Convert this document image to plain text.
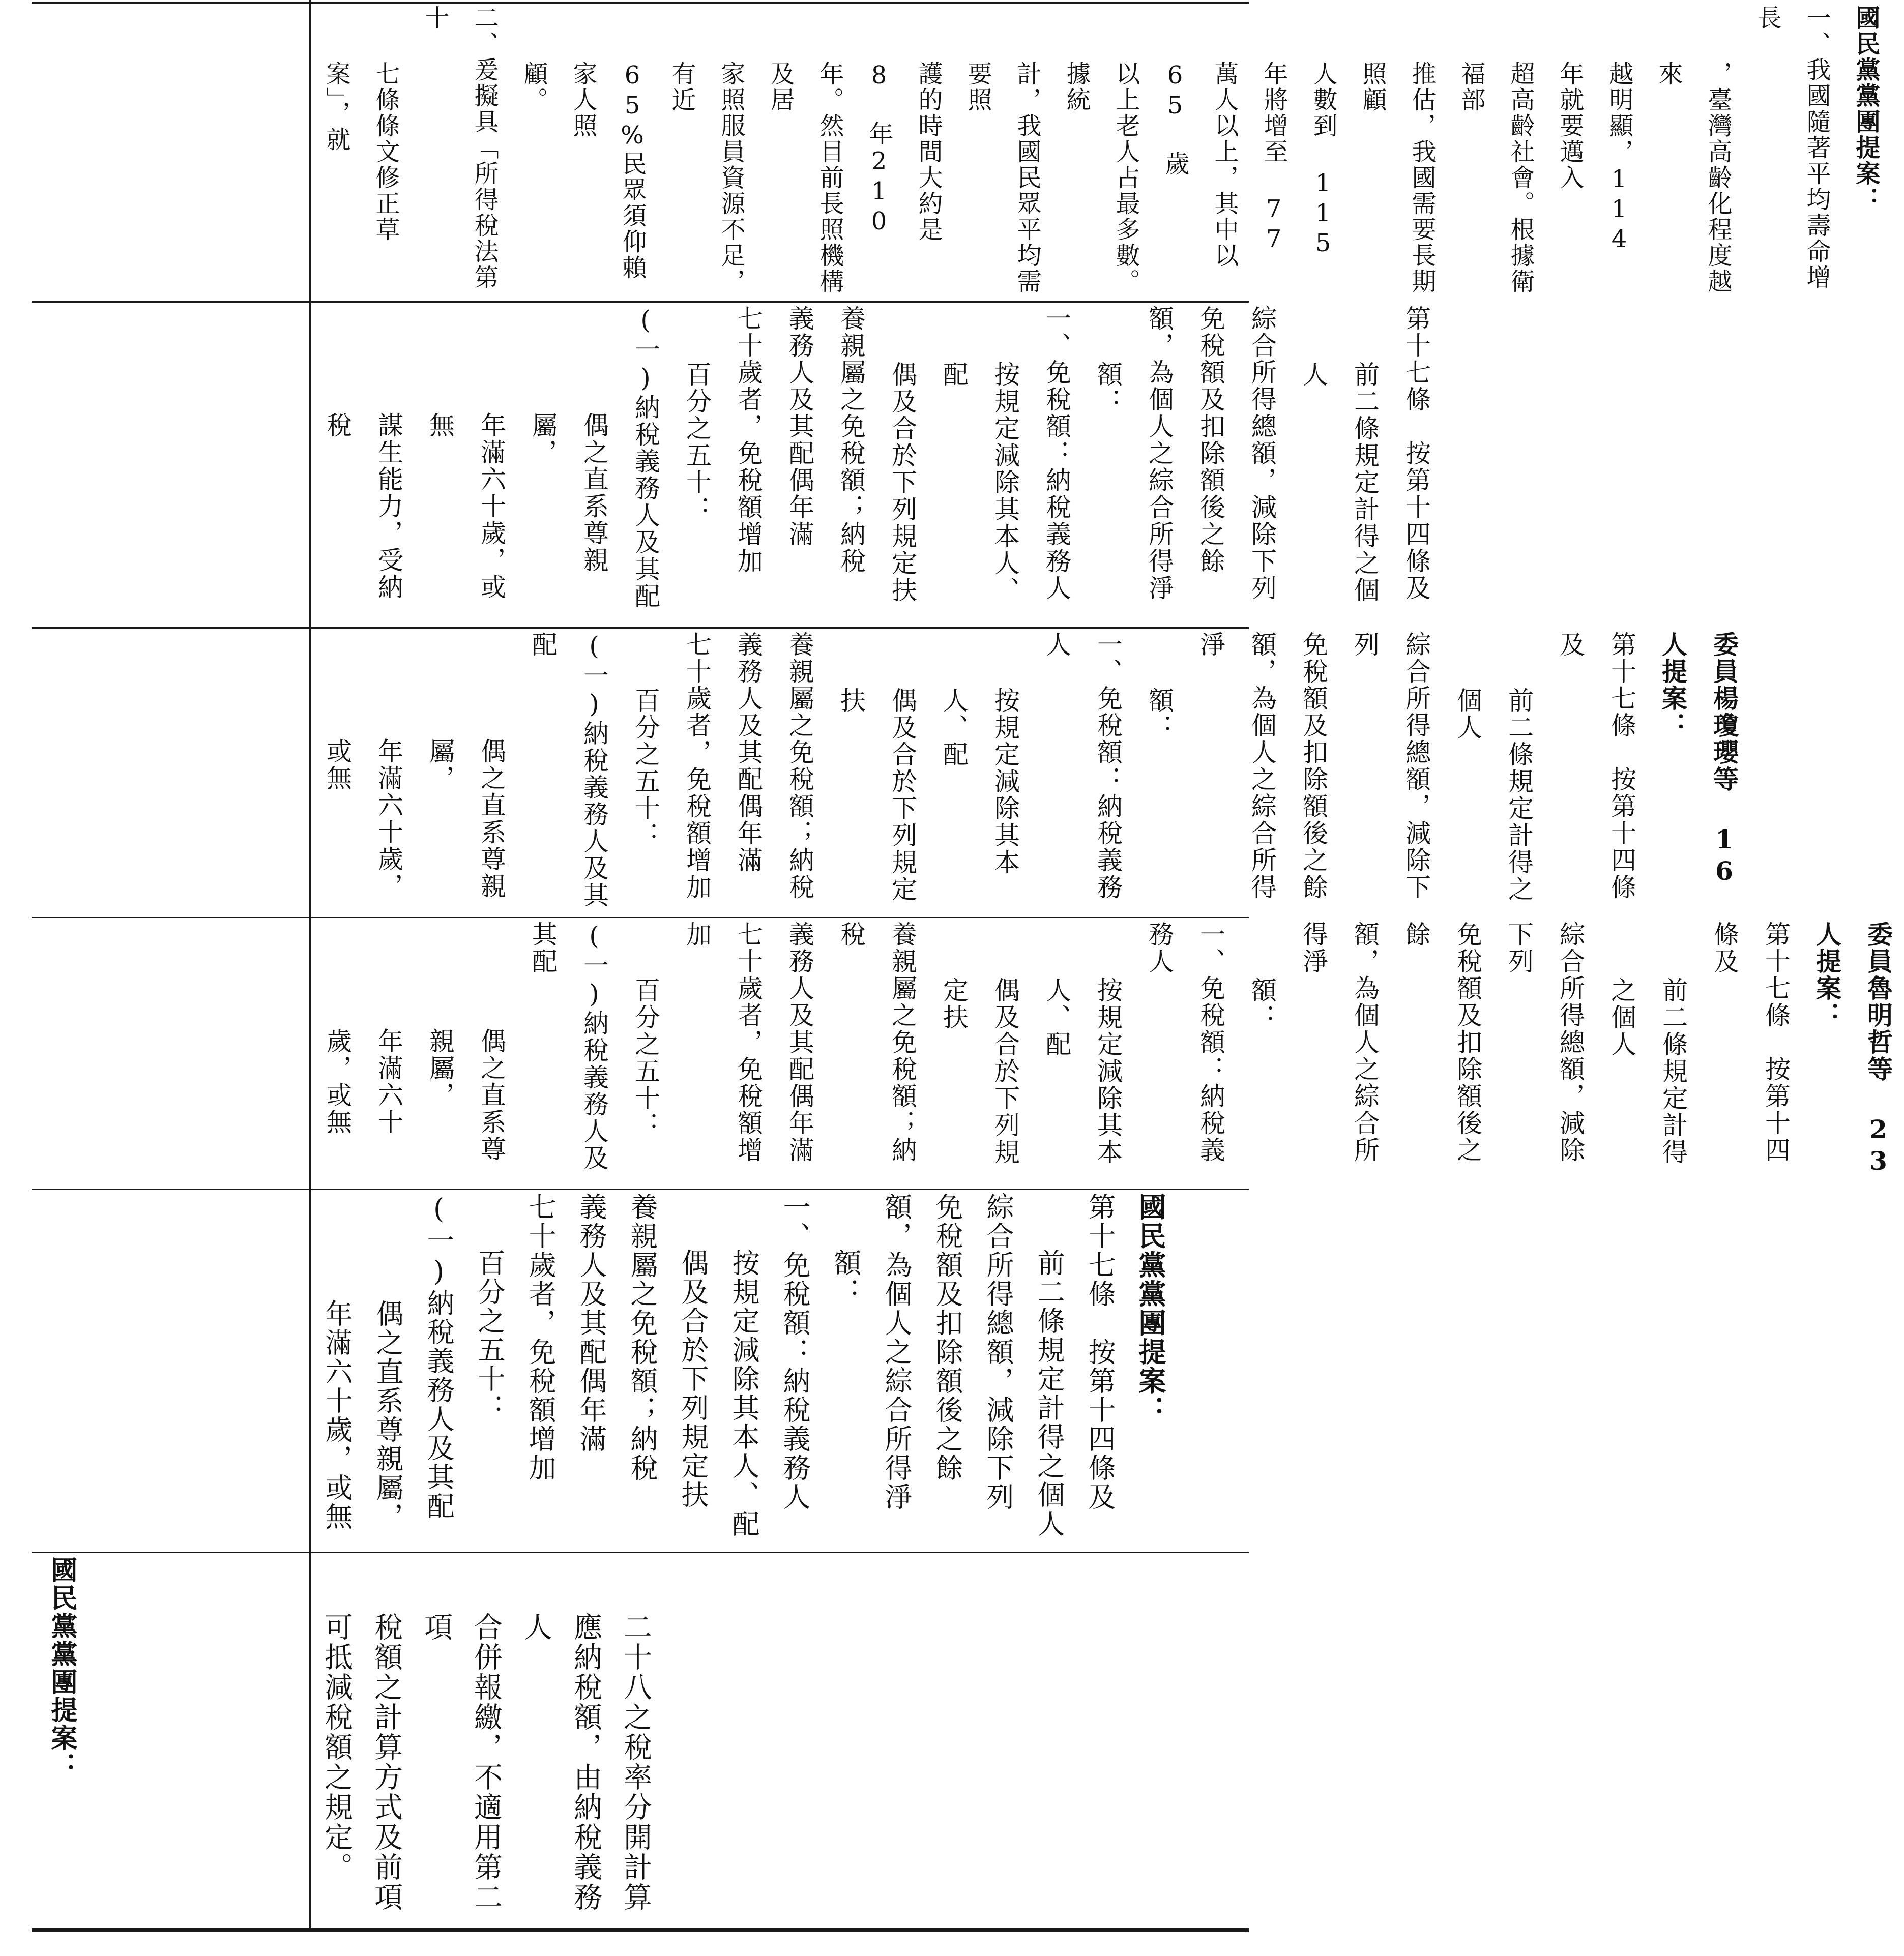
二十八之稅率分開計算
應納稅額，由納稅義務人
合併報繳，不適用第二項
稅額之計算方式及前項
可抵減稅額之規定。
國民黨黨團提案：
國民黨黨團提案：
第十七條　按第十四條及
前二條規定計得之個人
綜合所得總額，減除下列
免稅額及扣除額後之餘
額，為個人之綜合所得淨
額：
一、免稅額：納稅義務人
按規定減除其本人、配
偶及合於下列規定扶
養親屬之免稅額；納稅
義務人及其配偶年滿
七十歲者，免稅額增加
百分之五十：
(一)納稅義務人及其配
偶之直系尊親屬，
年滿六十歲，或無
委員魯明哲等 23 人提案：
第十七條　按第十四條及
前二條規定計得之個人
綜合所得總額，減除下列
免稅額及扣除額後之餘
額，為個人之綜合所得淨
額：
一、免稅額：納稅義務人
按規定減除其本人、配
偶及合於下列規定扶
養親屬之免稅額；納稅
義務人及其配偶年滿
七十歲者，免稅額增加
百分之五十：
(一)納稅義務人及其配
偶之直系尊親屬，
年滿六十歲，或無
委員楊瓊瓔等 16 人提案：
第十七條　按第十四條及
前二條規定計得之個人
綜合所得總額，減除下列
免稅額及扣除額後之餘
額，為個人之綜合所得淨
額：
一、免稅額：納稅義務人
按規定減除其本人、配
偶及合於下列規定扶
養親屬之免稅額；納稅
義務人及其配偶年滿
七十歲者，免稅額增加
百分之五十：
(一)納稅義務人及其配
偶之直系尊親屬，
年滿六十歲，或無
第十七條　按第十四條及
前二條規定計得之個人
綜合所得總額，減除下列
免稅額及扣除額後之餘
額，為個人之綜合所得淨
額：
一、免稅額：納稅義務人
按規定減除其本人、配
偶及合於下列規定扶
養親屬之免稅額；納稅
義務人及其配偶年滿
七十歲者，免稅額增加
百分之五十：
(一)納稅義務人及其配
偶之直系尊親屬，
年滿六十歲，或無
謀生能力，受納稅
國民黨黨團提案：
一、我國隨著平均壽命增長
，臺灣高齡化程度越來
越明顯，114 年就要邁入
超高齡社會。根據衛福部
推估，我國需要長期照顧
人數到 115 年將增至 77
萬人以上，其中以 65 歲
以上老人占最多數。據統
計，我國民眾平均需要照
護的時間大約是 8 年210
年。然目前長照機構及居
家照服員資源不足，有近
65%民眾須仰賴家人照
顧。
二、爰擬具「所得稅法第十
七條條文修正草案」，就
